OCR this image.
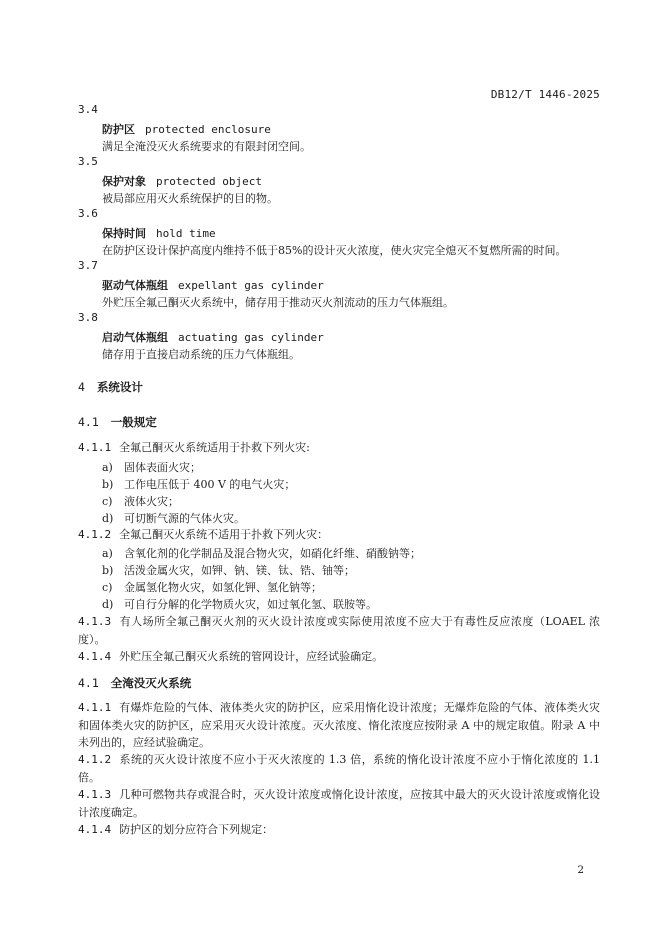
DB12/T 1446-2025
3.4
防护区 protected enclosure
满足全淹没灭火系统要求的有限封闭空间。
3.5
保护对象 protected object
被局部应用灭火系统保护的目的物。
3.6
保持时间 hold time
在防护区设计保护高度内维持不低于85%的设计灭火浓度，使火灾完全熄灭不复燃所需的时间。
3.7
驱动气体瓶组 expellant gas cylinder
外贮压全氟己酮灭火系统中，储存用于推动灭火剂流动的压力气体瓶组。
3.8
启动气体瓶组 actuating gas cylinder
储存用于直接启动系统的压力气体瓶组。
4 系统设计
4.1 一般规定
4.1.1 全氟己酮灭火系统适用于扑救下列火灾:
a) 固体表面火灾；
b) 工作电压低于 400 V 的电气火灾；
c) 液体火灾；
d) 可切断气源的气体火灾。
4.1.2 全氟己酮灭火系统不适用于扑救下列火灾：
a) 含氧化剂的化学制品及混合物火灾，如硝化纤维、硝酸钠等；
b) 活泼金属火灾，如钾、钠、镁、钛、锆、铀等；
c) 金属氢化物火灾，如氢化钾、氢化钠等；
d) 可自行分解的化学物质火灾，如过氧化氢、联胺等。
4.1.3 有人场所全氟己酮灭火剂的灭火设计浓度或实际使用浓度不应大于有毒性反应浓度（LOAEL 浓度）。
4.1.4 外贮压全氟己酮灭火系统的管网设计，应经试验确定。
4.1 全淹没灭火系统
4.1.1 有爆炸危险的气体、液体类火灾的防护区，应采用惰化设计浓度；无爆炸危险的气体、液体类火灾和固体类火灾的防护区，应采用灭火设计浓度。灭火浓度、惰化浓度应按附录 A 中的规定取值。附录 A 中未列出的，应经试验确定。
4.1.2 系统的灭火设计浓度不应小于灭火浓度的 1.3 倍，系统的惰化设计浓度不应小于惰化浓度的 1.1 倍。
4.1.3 几种可燃物共存或混合时，灭火设计浓度或惰化设计浓度，应按其中最大的灭火设计浓度或惰化设计浓度确定。
4.1.4 防护区的划分应符合下列规定：
2
